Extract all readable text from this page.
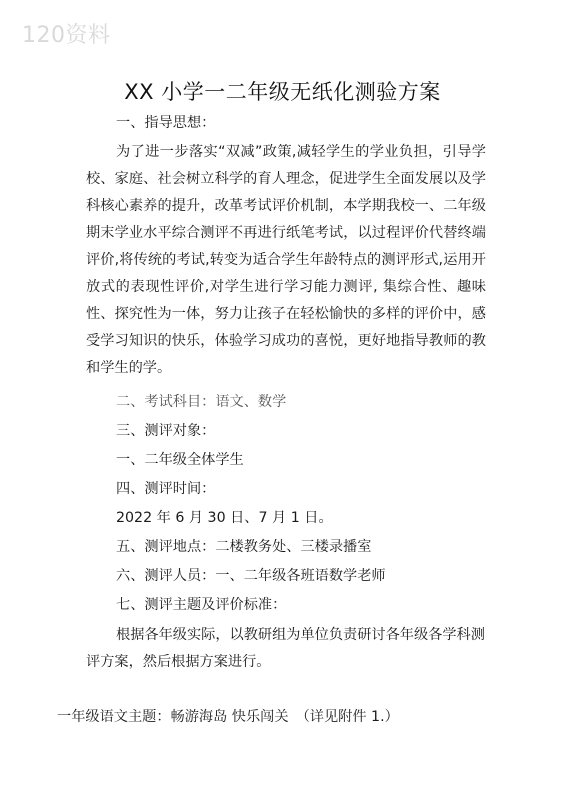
120资料
XX 小学一二年级无纸化测验方案
一、指导思想：
为了进一步落实“双减”政策,减轻学生的学业负担，引导学校、家庭、社会树立科学的育人理念，促进学生全面发展以及学科核心素养的提升，改革考试评价机制，本学期我校一、二年级期末学业水平综合测评不再进行纸笔考试，以过程评价代替终端评价,将传统的考试,转变为适合学生年龄特点的测评形式,运用开放式的表现性评价,对学生进行学习能力测评, 集综合性、趣味性、探究性为一体，努力让孩子在轻松愉快的多样的评价中，感受学习知识的快乐，体验学习成功的喜悦，更好地指导教师的教和学生的学。
二、考试科目：语文、数学
三、测评对象：
一、二年级全体学生
四、测评时间：
2022 年 6 月 30 日、7 月 1 日。
五、测评地点：二楼教务处、三楼录播室
六、测评人员：一、二年级各班语数学老师
七、测评主题及评价标准：
根据各年级实际，以教研组为单位负责研讨各年级各学科测评方案，然后根据方案进行。
一年级语文主题：畅游海岛 快乐闯关　（详见附件 1.）
